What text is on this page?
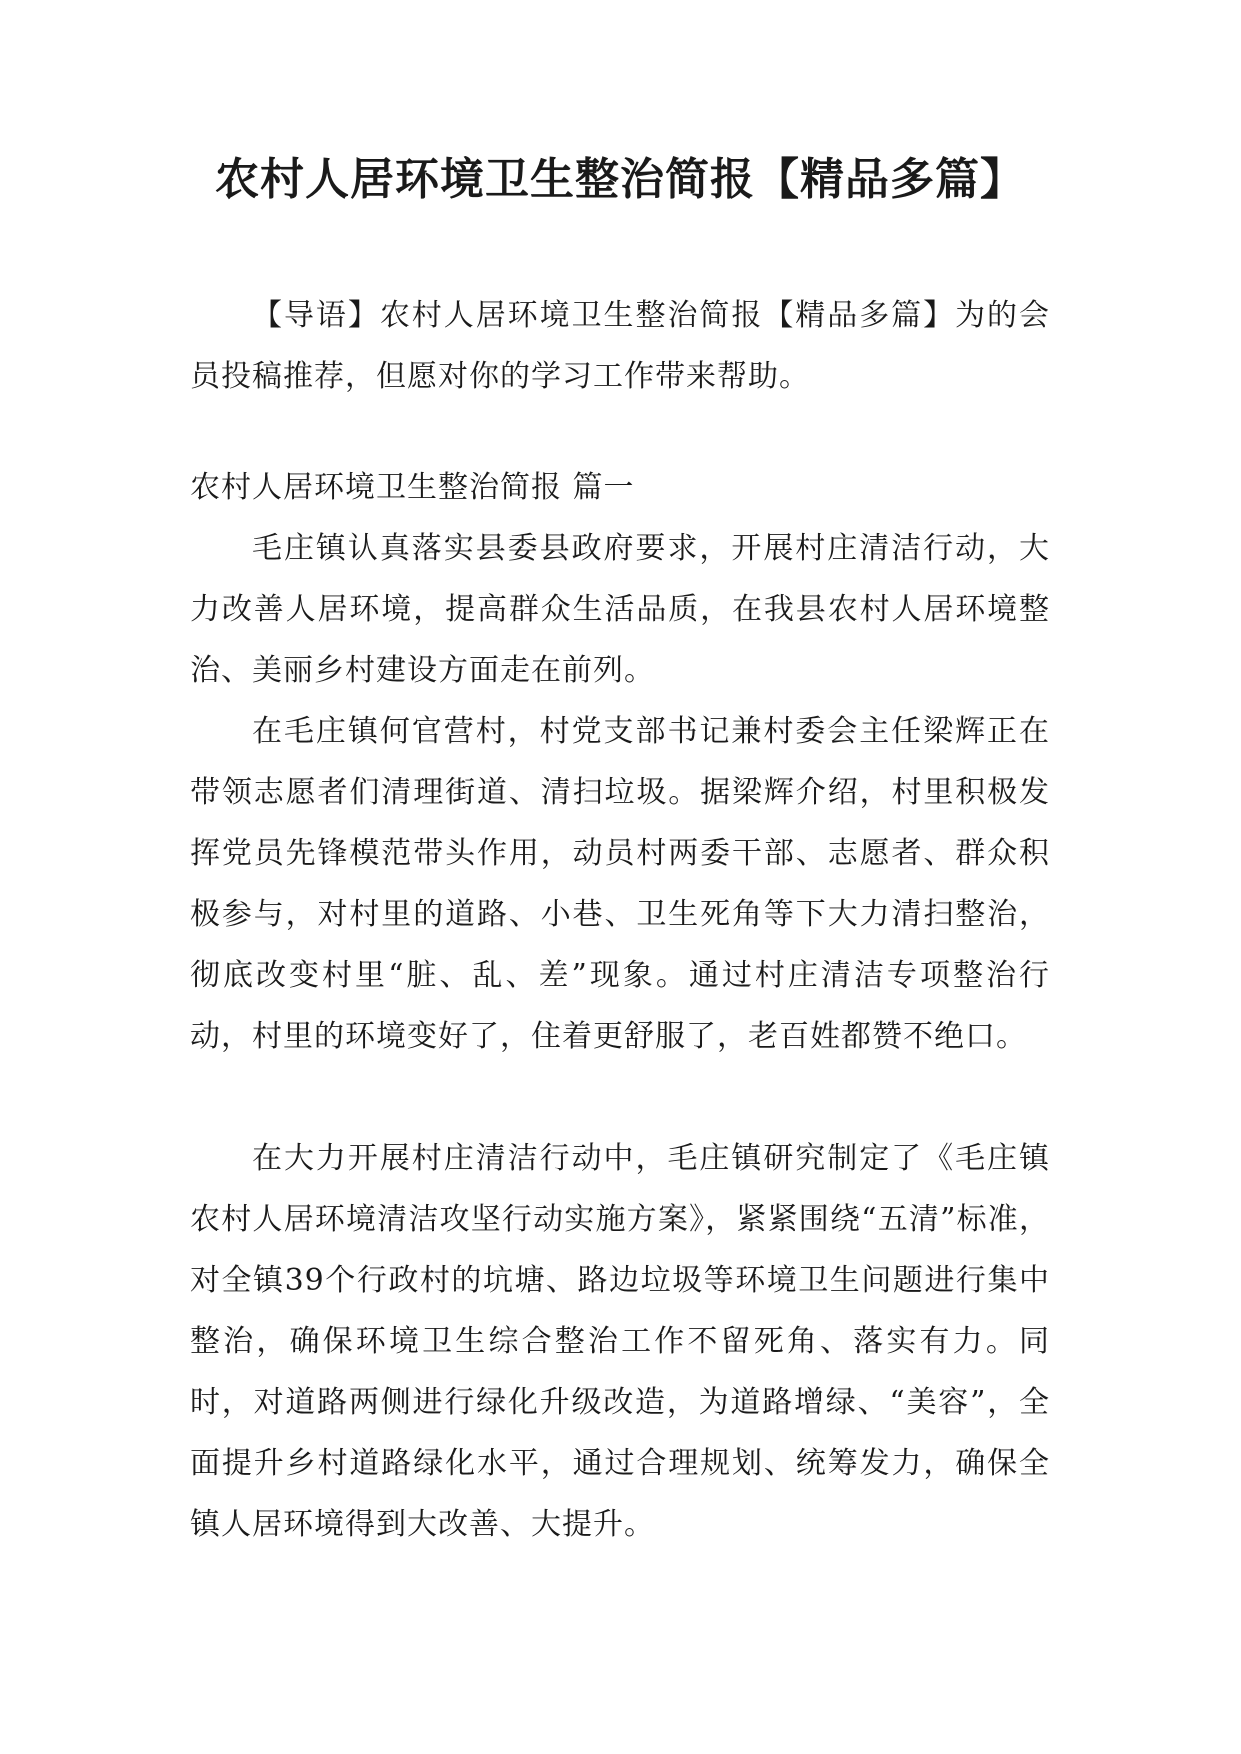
农村人居环境卫生整治简报【精品多篇】

【导语】农村人居环境卫生整治简报【精品多篇】为的会员投稿推荐，但愿对你的学习工作带来帮助。

农村人居环境卫生整治简报 篇一

毛庄镇认真落实县委县政府要求，开展村庄清洁行动，大力改善人居环境，提高群众生活品质，在我县农村人居环境整治、美丽乡村建设方面走在前列。

在毛庄镇何官营村，村党支部书记兼村委会主任梁辉正在带领志愿者们清理街道、清扫垃圾。据梁辉介绍，村里积极发挥党员先锋模范带头作用，动员村两委干部、志愿者、群众积极参与，对村里的道路、小巷、卫生死角等下大力清扫整治，彻底改变村里“脏、乱、差”现象。通过村庄清洁专项整治行动，村里的环境变好了，住着更舒服了，老百姓都赞不绝口。

在大力开展村庄清洁行动中，毛庄镇研究制定了《毛庄镇农村人居环境清洁攻坚行动实施方案》，紧紧围绕“五清”标准，对全镇39个行政村的坑塘、路边垃圾等环境卫生问题进行集中整治，确保环境卫生综合整治工作不留死角、落实有力。同时，对道路两侧进行绿化升级改造，为道路增绿、“美容”，全面提升乡村道路绿化水平，通过合理规划、统筹发力，确保全镇人居环境得到大改善、大提升。
